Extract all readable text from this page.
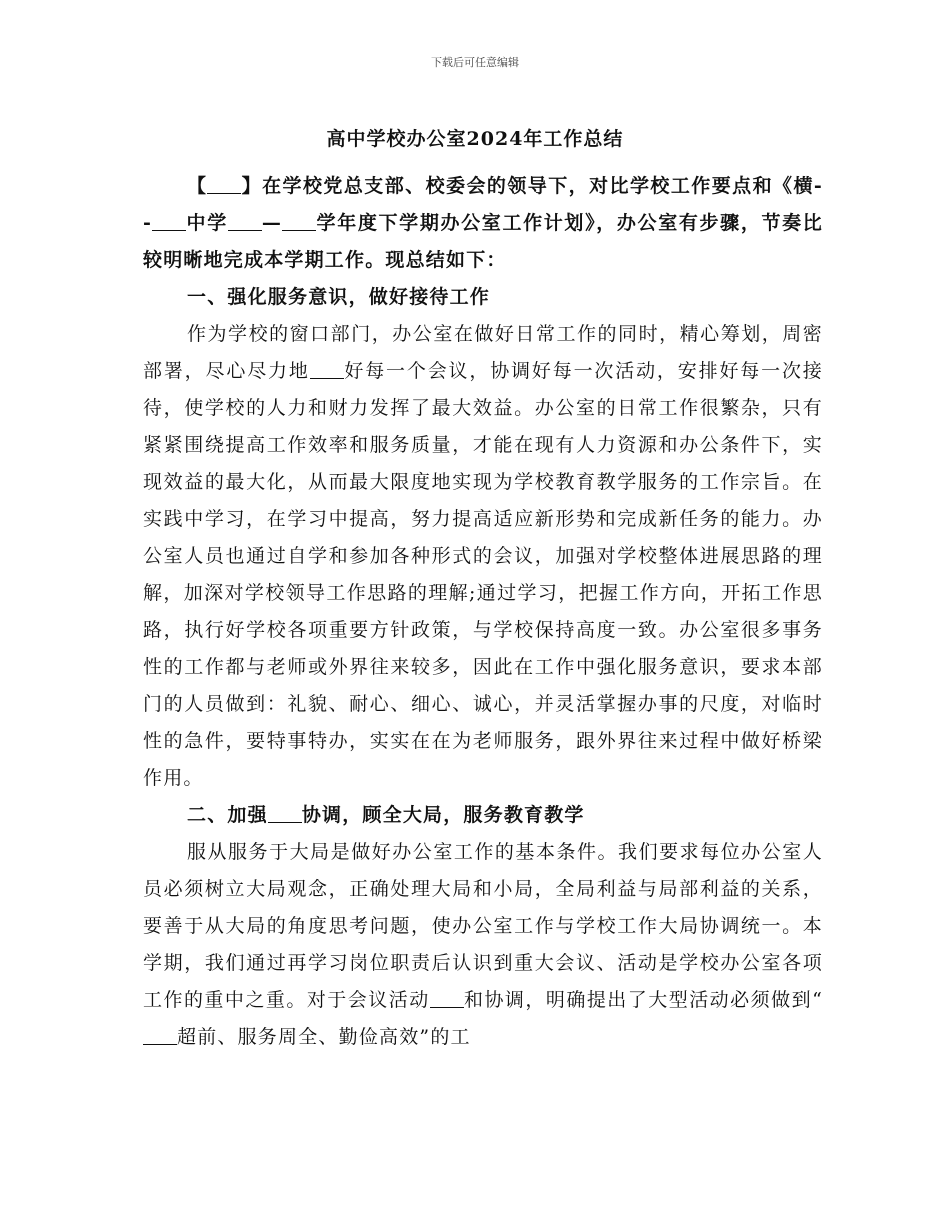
下载后可任意编辑
高中学校办公室2024年工作总结

【 】在学校党总支部、校委会的领导下，对比学校工作要点和《横-- 中学 — 学年度下学期办公室工作计划》，办公室有步骤，节奏比较明晰地完成本学期工作。现总结如下：

一、强化服务意识，做好接待工作

作为学校的窗口部门，办公室在做好日常工作的同时，精心筹划，周密部署，尽心尽力地 好每一个会议，协调好每一次活动，安排好每一次接待，使学校的人力和财力发挥了最大效益。办公室的日常工作很繁杂，只有紧紧围绕提高工作效率和服务质量，才能在现有人力资源和办公条件下，实现效益的最大化，从而最大限度地实现为学校教育教学服务的工作宗旨。在实践中学习，在学习中提高，努力提高适应新形势和完成新任务的能力。办公室人员也通过自学和参加各种形式的会议，加强对学校整体进展思路的理解，加深对学校领导工作思路的理解;通过学习，把握工作方向，开拓工作思路，执行好学校各项重要方针政策，与学校保持高度一致。办公室很多事务性的工作都与老师或外界往来较多，因此在工作中强化服务意识，要求本部门的人员做到：礼貌、耐心、细心、诚心，并灵活掌握办事的尺度，对临时性的急件，要特事特办，实实在在为老师服务，跟外界往来过程中做好桥梁作用。

二、加强 协调，顾全大局，服务教育教学

服从服务于大局是做好办公室工作的基本条件。我们要求每位办公室人员必须树立大局观念，正确处理大局和小局，全局利益与局部利益的关系，要善于从大局的角度思考问题，使办公室工作与学校工作大局协调统一。本学期，我们通过再学习岗位职责后认识到重大会议、活动是学校办公室各项工作的重中之重。对于会议活动 和协调，明确提出了大型活动必须做到“超前、服务周全、勤俭高效”的工
